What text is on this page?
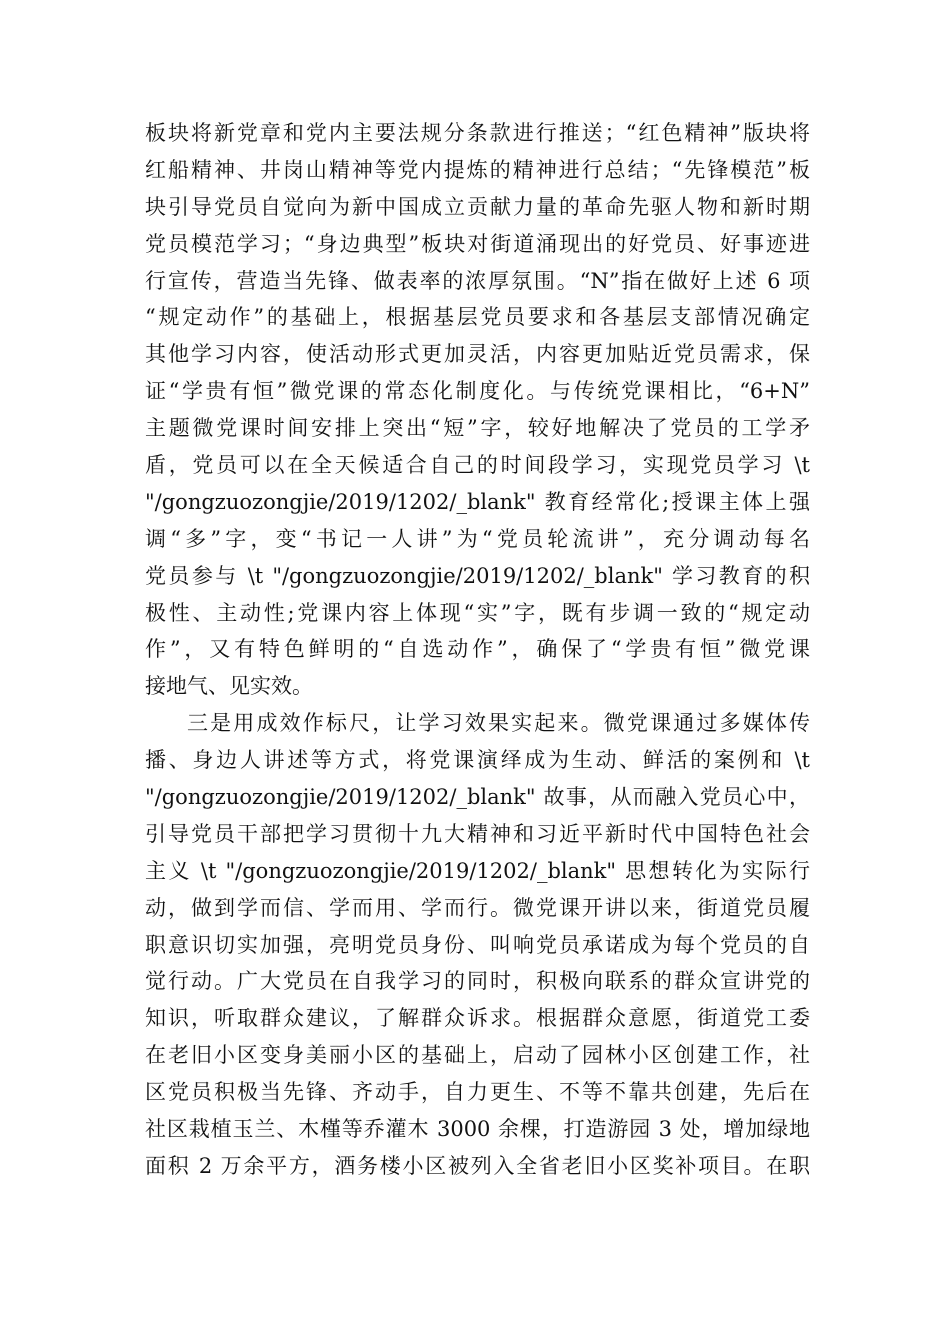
板块将新党章和党内主要法规分条款进行推送；“红色精神”版块将
红船精神、井岗山精神等党内提炼的精神进行总结；“先锋模范”板
块引导党员自觉向为新中国成立贡献力量的革命先驱人物和新时期
党员模范学习；“身边典型”板块对街道涌现出的好党员、好事迹进
行宣传，营造当先锋、做表率的浓厚氛围。“N”指在做好上述 6 项
“规定动作”的基础上，根据基层党员要求和各基层支部情况确定
其他学习内容，使活动形式更加灵活，内容更加贴近党员需求，保
证“学贵有恒”微党课的常态化制度化。与传统党课相比，“6+N”
主题微党课时间安排上突出“短”字，较好地解决了党员的工学矛
盾，党员可以在全天候适合自己的时间段学习，实现党员学习 \t
"/gongzuozongjie/2019/1202/_blank" 教育经常化;授课主体上强
调“多”字，变“书记一人讲”为“党员轮流讲”，充分调动每名
党员参与 \t "/gongzuozongjie/2019/1202/_blank" 学习教育的积
极性、主动性;党课内容上体现“实”字，既有步调一致的“规定动
作”，又有特色鲜明的“自选动作”，确保了“学贵有恒”微党课
接地气、见实效。
三是用成效作标尺，让学习效果实起来。微党课通过多媒体传
播、身边人讲述等方式，将党课演绎成为生动、鲜活的案例和 \t
"/gongzuozongjie/2019/1202/_blank" 故事，从而融入党员心中，
引导党员干部把学习贯彻十九大精神和习近平新时代中国特色社会
主义 \t "/gongzuozongjie/2019/1202/_blank" 思想转化为实际行
动，做到学而信、学而用、学而行。微党课开讲以来，街道党员履
职意识切实加强，亮明党员身份、叫响党员承诺成为每个党员的自
觉行动。广大党员在自我学习的同时，积极向联系的群众宣讲党的
知识，听取群众建议，了解群众诉求。根据群众意愿，街道党工委
在老旧小区变身美丽小区的基础上，启动了园林小区创建工作，社
区党员积极当先锋、齐动手，自力更生、不等不靠共创建，先后在
社区栽植玉兰、木槿等乔灌木 3000 余棵，打造游园 3 处，增加绿地
面积 2 万余平方，酒务楼小区被列入全省老旧小区奖补项目。在职
